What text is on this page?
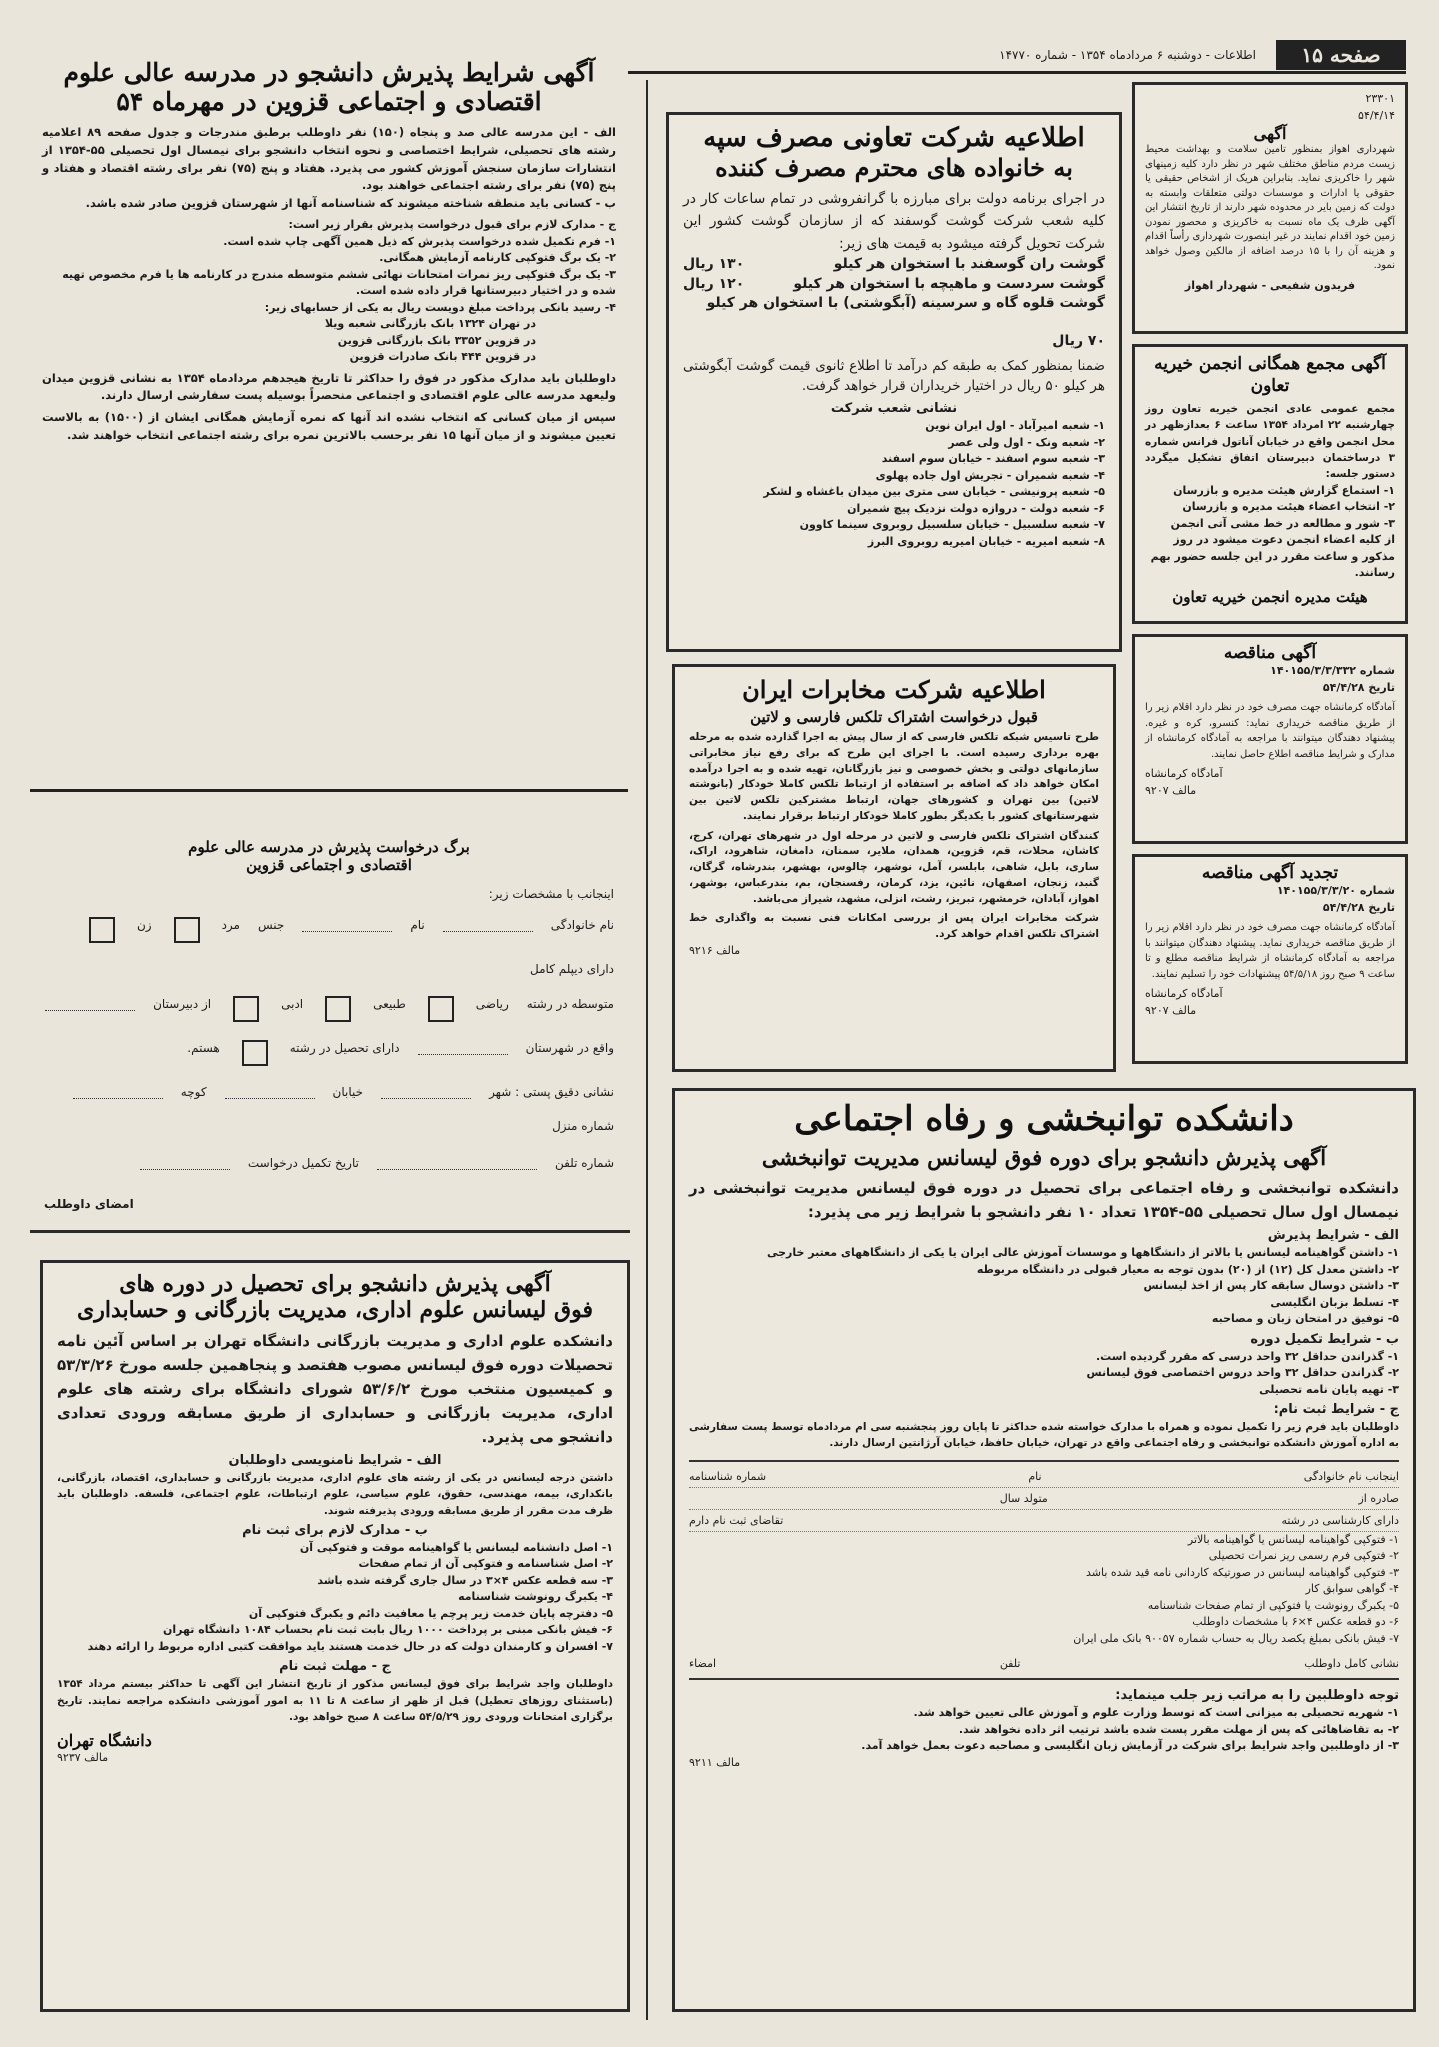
صفحه ۱۵
اطلاعات - دوشنبه ۶ مردادماه ۱۳۵۴ - شماره ۱۴۷۷۰
۲۳۳۰۱
۵۴/۴/۱۴
آگهی
شهرداری اهواز بمنظور تامین سلامت و بهداشت محیط زیست مردم مناطق مختلف شهر در نظر دارد کلیه زمینهای شهر را خاکریزی نماید. بنابراین هریک از اشخاص حقیقی یا حقوقی یا ادارات و موسسات دولتی متعلقات وابسته به دولت که زمین بایر در محدوده شهر دارند از تاریخ انتشار این آگهی ظرف یک ماه نسبت به خاکریزی و محصور نمودن زمین خود اقدام نمایند در غیر اینصورت شهرداری رأساً اقدام و هزینه آن را با ۱۵ درصد اضافه از مالکین وصول خواهد نمود.
فریدون شفیعی - شهردار اهواز
آگهی مجمع همگانی انجمن خیریه تعاون
مجمع عمومی عادی انجمن خیریه تعاون روز چهارشنبه ۲۲ امرداد ۱۳۵۴ ساعت ۶ بعدازظهر در محل انجمن واقع در خیابان آناتول فرانس شماره ۳ درساختمان دبیرستان اتفاق تشکیل میگردد دستور جلسه:
۱- استماع گزارش هیئت مدیره و بازرسان
۲- انتخاب اعضاء هیئت مدیره و بازرسان
۳- شور و مطالعه در خط مشی آتی انجمن
از کلیه اعضاء انجمن دعوت میشود در روز مذکور و ساعت مقرر در این جلسه حضور بهم رسانند.
هیئت مدیره انجمن خیریه تعاون
آگهی مناقصه
شماره ۱۴۰۱۵۵/۳/۳/۳۳۲
تاریخ ۵۴/۴/۲۸
آمادگاه کرمانشاه جهت مصرف خود در نظر دارد اقلام زیر را از طریق مناقصه خریداری نماید: کنسرو، کره و غیره. پیشنهاد دهندگان میتوانند با مراجعه به آمادگاه کرمانشاه از مدارک و شرایط مناقصه اطلاع حاصل نمایند.
آمادگاه کرمانشاه
مالف ۹۲۰۷
تجدید آگهی مناقصه
شماره ۱۴۰۱۵۵/۳/۳/۲۰
تاریخ ۵۴/۴/۲۸
آمادگاه کرمانشاه جهت مصرف خود در نظر دارد اقلام زیر را از طریق مناقصه خریداری نماید. پیشنهاد دهندگان میتوانند با مراجعه به آمادگاه کرمانشاه از شرایط مناقصه مطلع و تا ساعت ۹ صبح روز ۵۴/۵/۱۸ پیشنهادات خود را تسلیم نمایند.
آمادگاه کرمانشاه
مالف ۹۲۰۷
اطلاعیه شرکت تعاونی مصرف سپه
به خانواده های محترم مصرف کننده
در اجرای برنامه دولت برای مبارزه با گرانفروشی در تمام ساعات کار در کلیه شعب شرکت گوشت گوسفند که از سازمان گوشت کشور این شرکت تحویل گرفته میشود به قیمت های زیر:
گوشت ران گوسفند با استخوان هر کیلو
۱۳۰ ریال
گوشت سردست و ماهیچه با استخوان هر کیلو
۱۲۰ ریال
گوشت قلوه گاه و سرسینه (آبگوشتی) با استخوان هر کیلو
۷۰ ریال
ضمنا بمنظور کمک به طبقه کم درآمد تا اطلاع ثانوی قیمت گوشت آبگوشتی هر کیلو ۵۰ ریال در اختیار خریداران قرار خواهد گرفت.
نشانی شعب شرکت
۱- شعبه امیرآباد - اول ایران نوین
۲- شعبه ونک - اول ولی عصر
۳- شعبه سوم اسفند - خیابان سوم اسفند
۴- شعبه شمیران - تجریش اول جاده پهلوی
۵- شعبه پرونیشی - خیابان سی متری بین میدان باغشاه و لشکر
۶- شعبه دولت - دروازه دولت نزدیک پیچ شمیران
۷- شعبه سلسبیل - خیابان سلسبیل روبروی سینما کاوون
۸- شعبه امیریه - خیابان امیریه روبروی البرز
اطلاعیه شرکت مخابرات ایران
قبول درخواست اشتراک تلکس فارسی و لاتین
طرح تاسیس شبکه تلکس فارسی که از سال پیش به اجرا گذارده شده به مرحله بهره برداری رسیده است. با اجرای این طرح که برای رفع نیاز مخابراتی سازمانهای دولتی و بخش خصوصی و نیز بازرگانان، تهیه شده و به اجرا درآمده امکان خواهد داد که اضافه بر استفاده از ارتباط تلکس کاملا خودکار (بانوشته لاتین) بین تهران و کشورهای جهان، ارتباط مشترکین تلکس لاتین بین شهرستانهای کشور با یکدیگر بطور کاملا خودکار ارتباط برقرار نمایند.
کنندگان اشتراک تلکس فارسی و لاتین در مرحله اول در شهرهای تهران، کرج، کاشان، محلات، قم، قزوین، همدان، ملایر، سمنان، دامغان، شاهرود، اراک، ساری، بابل، شاهی، بابلسر، آمل، نوشهر، چالوس، بهشهر، بندرشاه، گرگان، گنبد، زنجان، اصفهان، نائین، یزد، کرمان، رفسنجان، بم، بندرعباس، بوشهر، اهواز، آبادان، خرمشهر، تبریز، رشت، انزلی، مشهد، شیراز می‌باشد.
شرکت مخابرات ایران پس از بررسی امکانات فنی نسبت به واگذاری خط اشتراک تلکس اقدام خواهد کرد.
مالف ۹۲۱۶
آگهی شرایط پذیرش دانشجو در مدرسه عالی علوم
اقتصادی و اجتماعی قزوین در مهرماه ۵۴
الف - این مدرسه عالی صد و پنجاه (۱۵۰) نفر داوطلب برطبق مندرجات و جدول صفحه ۸۹ اعلامیه رشته های تحصیلی، شرایط اختصاصی و نحوه انتخاب دانشجو برای نیمسال اول تحصیلی ۵۵-۱۳۵۴ از انتشارات سازمان سنجش آموزش کشور می پذیرد. هفتاد و پنج (۷۵) نفر برای رشته اقتصاد و هفتاد و پنج (۷۵) نفر برای رشته اجتماعی خواهند بود.
ب - کسانی باید منطقه شناخته میشوند که شناسنامه آنها از شهرستان قزوین صادر شده باشد.
ج - مدارک لازم برای قبول درخواست پذیرش بقرار زیر است:
۱- فرم تکمیل شده درخواست پذیرش که ذیل همین آگهی چاپ شده است.
۲- یک برگ فتوکپی کارنامه آزمایش همگانی.
۳- یک برگ فتوکپی ریز نمرات امتحانات نهائی ششم متوسطه مندرج در کارنامه ها یا فرم مخصوص تهیه شده و در اختیار دبیرستانها قرار داده شده است.
۴- رسید بانکی پرداخت مبلغ دویست ریال به یکی از حسابهای زیر:
در تهران ۱۳۲۴ بانک بازرگانی شعبه ویلا
در قزوین ۳۳۵۲ بانک بازرگانی قزوین
در قزوین ۴۴۴ بانک صادرات قزوین
داوطلبان باید مدارک مذکور در فوق را حداکثر تا تاریخ هیجدهم مردادماه ۱۳۵۴ به نشانی قزوین میدان ولیعهد مدرسه عالی علوم اقتصادی و اجتماعی منحصراً بوسیله پست سفارشی ارسال دارند.
سپس از میان کسانی که انتخاب نشده اند آنها که نمره آزمایش همگانی ایشان از (۱۵۰۰) به بالاست تعیین میشوند و از میان آنها ۱۵ نفر برحسب بالاترین نمره برای رشته اجتماعی انتخاب خواهند شد.
برگ درخواست پذیرش در مدرسه عالی علوم
اقتصادی و اجتماعی قزوین
اینجانب با مشخصات زیر:
نام خانوادگی
نام
جنس
مرد
زن
دارای دیپلم کامل
متوسطه در رشته
ریاضی
طبیعی
ادبی
از دبیرستان
واقع در شهرستان
دارای تحصیل در رشته
هستم.
نشانی دقیق پستی : شهر
خیابان
کوچه
شماره منزل
شماره تلفن
تاریخ تکمیل درخواست
امضای داوطلب
آگهی پذیرش دانشجو برای تحصیل در دوره های
فوق لیسانس علوم اداری، مدیریت بازرگانی و حسابداری
دانشکده علوم اداری و مدیریت بازرگانی دانشگاه تهران بر اساس آئین نامه تحصیلات دوره فوق لیسانس مصوب هفتصد و پنجاهمین جلسه مورخ ۵۳/۳/۲۶ و کمیسیون منتخب مورخ ۵۳/۶/۲ شورای دانشگاه برای رشته های علوم اداری، مدیریت بازرگانی و حسابداری از طریق مسابقه ورودی تعدادی دانشجو می پذیرد.
الف - شرایط نامنویسی داوطلبان
داشتن درجه لیسانس در یکی از رشته های علوم اداری، مدیریت بازرگانی و حسابداری، اقتصاد، بازرگانی، بانکداری، بیمه، مهندسی، حقوق، علوم سیاسی، علوم ارتباطات، علوم اجتماعی، فلسفه. داوطلبان باید ظرف مدت مقرر از طریق مسابقه ورودی پذیرفته شوند.
ب - مدارک لازم برای ثبت نام
۱- اصل دانشنامه لیسانس یا گواهینامه موقت و فتوکپی آن
۲- اصل شناسنامه و فتوکپی آن از تمام صفحات
۳- سه قطعه عکس ۴×۳ در سال جاری گرفته شده باشد
۴- یکبرگ رونوشت شناسنامه
۵- دفترچه پایان خدمت زیر پرچم یا معافیت دائم و یکبرگ فتوکپی آن
۶- فیش بانکی مبنی بر پرداخت ۱۰۰۰ ریال بابت ثبت نام بحساب ۱۰۸۴ دانشگاه تهران
۷- افسران و کارمندان دولت که در حال خدمت هستند باید موافقت کتبی اداره مربوط را ارائه دهند
ج - مهلت ثبت نام
داوطلبان واجد شرایط برای فوق لیسانس مذکور از تاریخ انتشار این آگهی تا حداکثر بیستم مرداد ۱۳۵۴ (باستثنای روزهای تعطیل) قبل از ظهر از ساعت ۸ تا ۱۱ به امور آموزشی دانشکده مراجعه نمایند. تاریخ برگزاری امتحانات ورودی روز ۵۴/۵/۲۹ ساعت ۸ صبح خواهد بود.
دانشگاه تهران
مالف ۹۲۳۷
دانشکده توانبخشی و رفاه اجتماعی
آگهی پذیرش دانشجو برای دوره فوق لیسانس مدیریت توانبخشی
دانشکده توانبخشی و رفاه اجتماعی برای تحصیل در دوره فوق لیسانس مدیریت توانبخشی در نیمسال اول سال تحصیلی ۵۵-۱۳۵۴ تعداد ۱۰ نفر دانشجو با شرایط زیر می پذیرد:
الف - شرایط پذیرش
۱- داشتن گواهینامه لیسانس یا بالاتر از دانشگاهها و موسسات آموزش عالی ایران یا یکی از دانشگاههای معتبر خارجی
۲- داشتن معدل کل (۱۲) از (۲۰) بدون توجه به معیار قبولی در دانشگاه مربوطه
۳- داشتن دوسال سابقه کار پس از اخذ لیسانس
۴- تسلط بزبان انگلیسی
۵- توفیق در امتحان زبان و مصاحبه
ب - شرایط تکمیل دوره
۱- گذراندن حداقل ۳۲ واحد درسی که مقرر گردیده است.
۲- گذراندن حداقل ۳۲ واحد دروس اختصاصی فوق لیسانس
۳- تهیه پایان نامه تحصیلی
ج - شرایط ثبت نام:
داوطلبان باید فرم زیر را تکمیل نموده و همراه با مدارک خواسته شده حداکثر تا پایان روز پنجشنبه سی ام مردادماه توسط پست سفارشی به اداره آموزش دانشکده توانبخشی و رفاه اجتماعی واقع در تهران، خیابان حافظ، خیابان آرژانتین ارسال دارند.
اینجانب نام خانوادگی
نام
شماره شناسنامه
صادره از
متولد سال
دارای کارشناسی در رشته
تقاضای ثبت نام دارم
۱- فتوکپی گواهینامه لیسانس یا گواهینامه بالاتر
۲- فتوکپی فرم رسمی ریز نمرات تحصیلی
۳- فتوکپی گواهینامه لیسانس در صورتیکه کاردانی نامه قید شده باشد
۴- گواهی سوابق کار
۵- یکبرگ رونوشت یا فتوکپی از تمام صفحات شناسنامه
۶- دو قطعه عکس ۴×۶ با مشخصات داوطلب
۷- فیش بانکی بمبلغ یکصد ریال به حساب شماره ۹۰۰۵۷ بانک ملی ایران
نشانی کامل داوطلب
تلفن
امضاء
توجه داوطلبین را به مراتب زیر جلب مینماید:
۱- شهریه تحصیلی به میزانی است که توسط وزارت علوم و آموزش عالی تعیین خواهد شد.
۲- به تقاضاهائی که پس از مهلت مقرر پست شده باشد ترتیب اثر داده نخواهد شد.
۳- از داوطلبین واجد شرایط برای شرکت در آزمایش زبان انگلیسی و مصاحبه دعوت بعمل خواهد آمد.
مالف ۹۲۱۱
